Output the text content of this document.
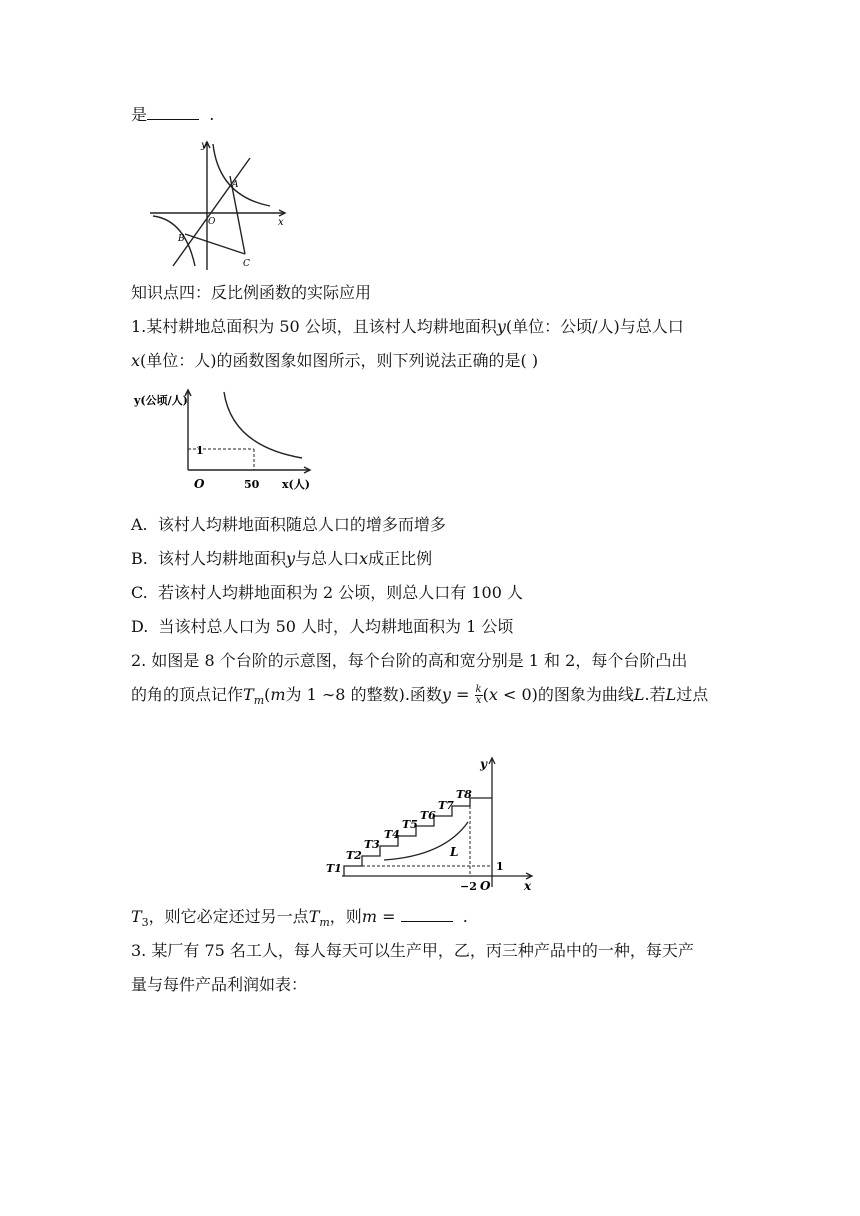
是	.
y
x
A
O
B
C
知识点四：反比例函数的实际应用
1.某村耕地总面积为 50 公顷，且该村人均耕地面积y(单位：公顷/人)与总人口
x(单位：人)的函数图象如图所示，则下列说法正确的是( )
y(公顷/人)
x(人)
O
1
50
A. 该村人均耕地面积随总人口的增多而增多
B. 该村人均耕地面积y与总人口x成正比例
C. 若该村人均耕地面积为 2 公顷，则总人口有 100 人
D. 当该村总人口为 50 人时，人均耕地面积为 1 公顷
2. 如图是 8 个台阶的示意图，每个台阶的高和宽分别是 1 和 2，每个台阶凸出
的角的顶点记作$T_m(m$为 1 ∼8 的整数).函数$y = \frac{k}{x} (x < 0)$的图象为曲线L.若L过点
T1
T2
T3
T4
T5
T6
T7
T8
y
x
O
−2
1
L
$T_3$，则它必定还过另一点$T_m$，则m =	.
3. 某厂有 75 名工人，每人每天可以生产甲，乙，丙三种产品中的一种，每天产
量与每件产品利润如表：
